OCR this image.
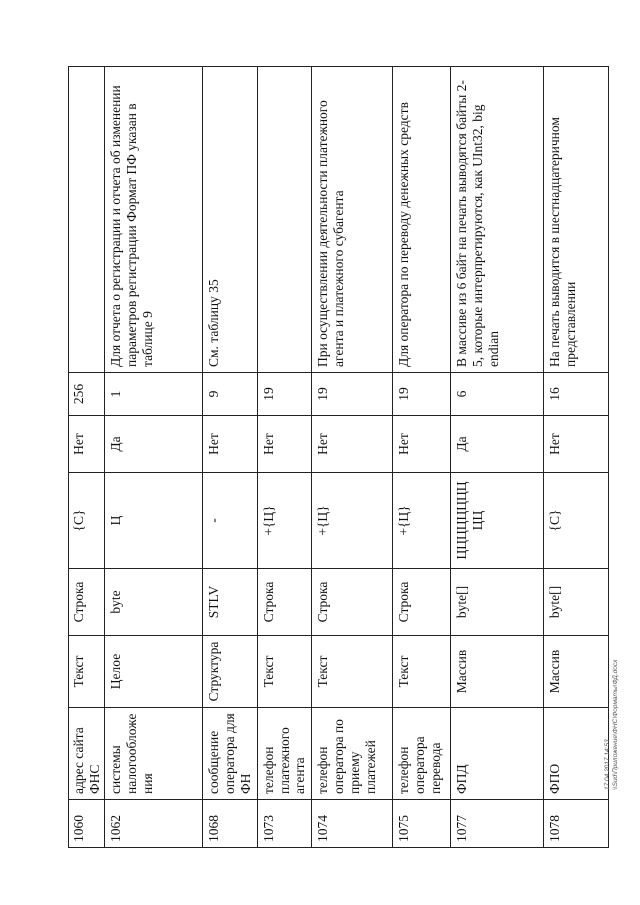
1060	адрес сайта ФНС	Текст	Строка	{С}	Нет	256	
1062	системы налогообложения	Целое	byte	Ц	Да	1	Для отчета о регистрации и отчета об изменении параметров регистрации Формат ПФ указан в таблице 9
1068	сообщение оператора для ФН	Структура	STLV	-	Нет	9	См. таблицу 35
1073	телефон платежного агента	Текст	Строка	+{Ц}	Нет	19	
1074	телефон оператора по приему платежей	Текст	Строка	+{Ц}	Нет	19	При осуществлении деятельности платежного агента и платежного субагента
1075	телефон оператора перевода	Текст	Строка	+{Ц}	Нет	19	Для оператора по переводу денежных средств
1077	ФПД	Массив	byte[]	ЦЦЦЦЦЦЦЦЦЦ	Да	6	В массиве из 6 байт на печать выводятся байты 2-5, которые интерпретируются, как UInt32, big endian
1078	ФПО	Массив	byte[]	{С}	Нет	16	На печать выводится в шестнадцатеричном представлении
17.04.2017 14:53 \\Sud\Приложение\ФНС\Форматы\ФД.docx
